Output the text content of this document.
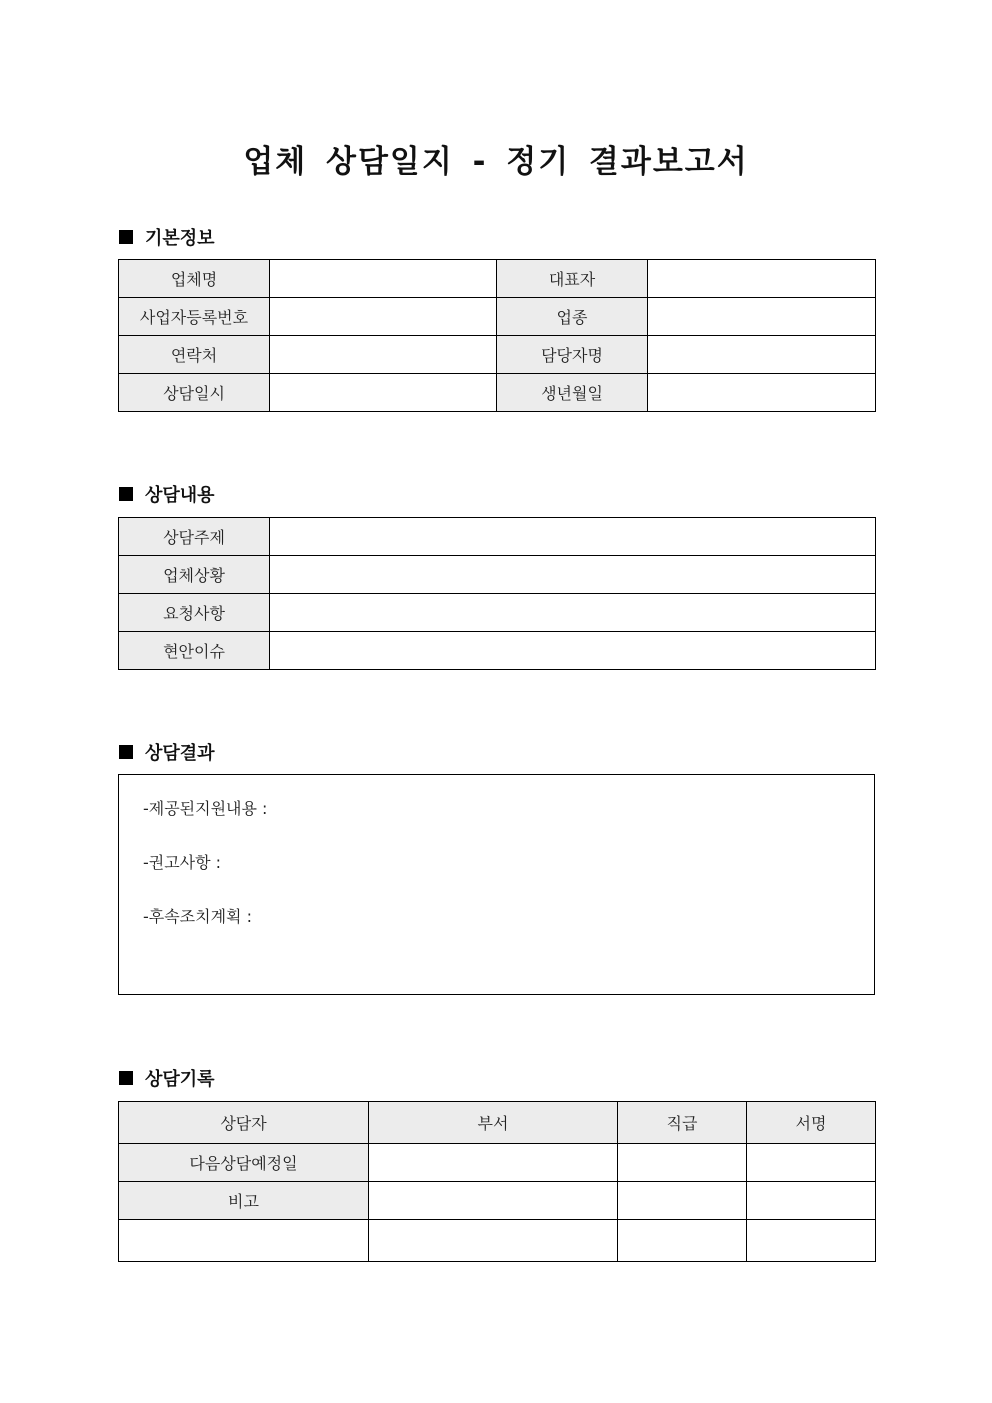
업체 상담일지 - 정기 결과보고서
기본정보
업체명		대표자	
사업자등록번호		업종	
연락처		담당자명	
상담일시		생년월일	
상담내용
상담주제	
업체상황	
요청사항	
현안이슈	
상담결과
-제공된지원내용 :
-권고사항 :
-후속조치계획 :
상담기록
상담자	부서	직급	서명
다음상담예정일			
비고			
